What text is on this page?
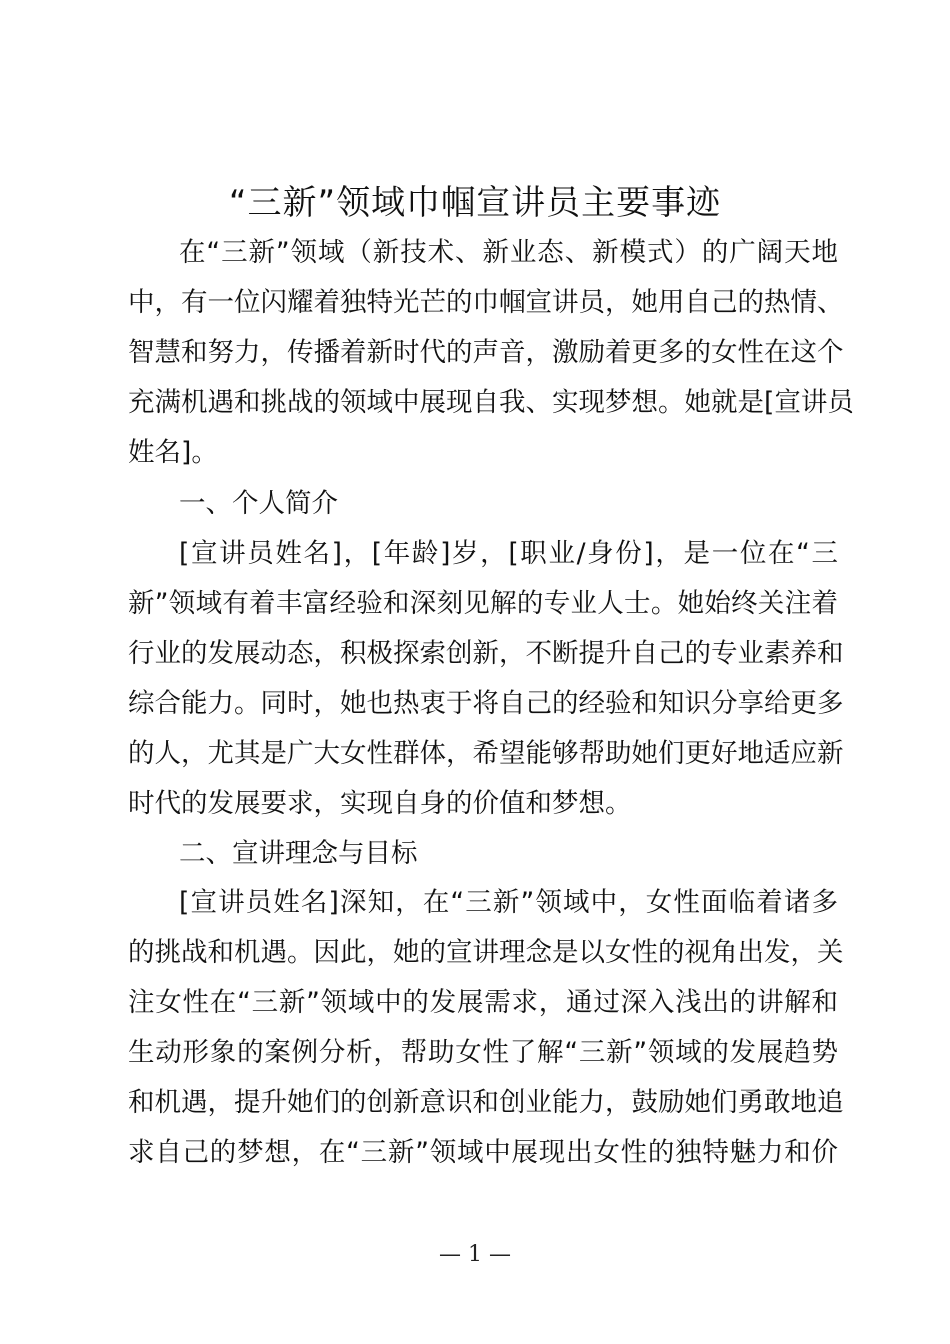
“三新”领域巾帼宣讲员主要事迹
在“三新”领域（新技术、新业态、新模式）的广阔天地
中，有一位闪耀着独特光芒的巾帼宣讲员，她用自己的热情、
智慧和努力，传播着新时代的声音，激励着更多的女性在这个
充满机遇和挑战的领域中展现自我、实现梦想。她就是[宣讲员
姓名]。
一、个人简介
[宣讲员姓名]，[年龄]岁，[职业/身份]，是一位在“三
新”领域有着丰富经验和深刻见解的专业人士。她始终关注着
行业的发展动态，积极探索创新，不断提升自己的专业素养和
综合能力。同时，她也热衷于将自己的经验和知识分享给更多
的人，尤其是广大女性群体，希望能够帮助她们更好地适应新
时代的发展要求，实现自身的价值和梦想。
二、宣讲理念与目标
[宣讲员姓名]深知，在“三新”领域中，女性面临着诸多
的挑战和机遇。因此，她的宣讲理念是以女性的视角出发，关
注女性在“三新”领域中的发展需求，通过深入浅出的讲解和
生动形象的案例分析，帮助女性了解“三新”领域的发展趋势
和机遇，提升她们的创新意识和创业能力，鼓励她们勇敢地追
求自己的梦想，在“三新”领域中展现出女性的独特魅力和价
— 1 —
